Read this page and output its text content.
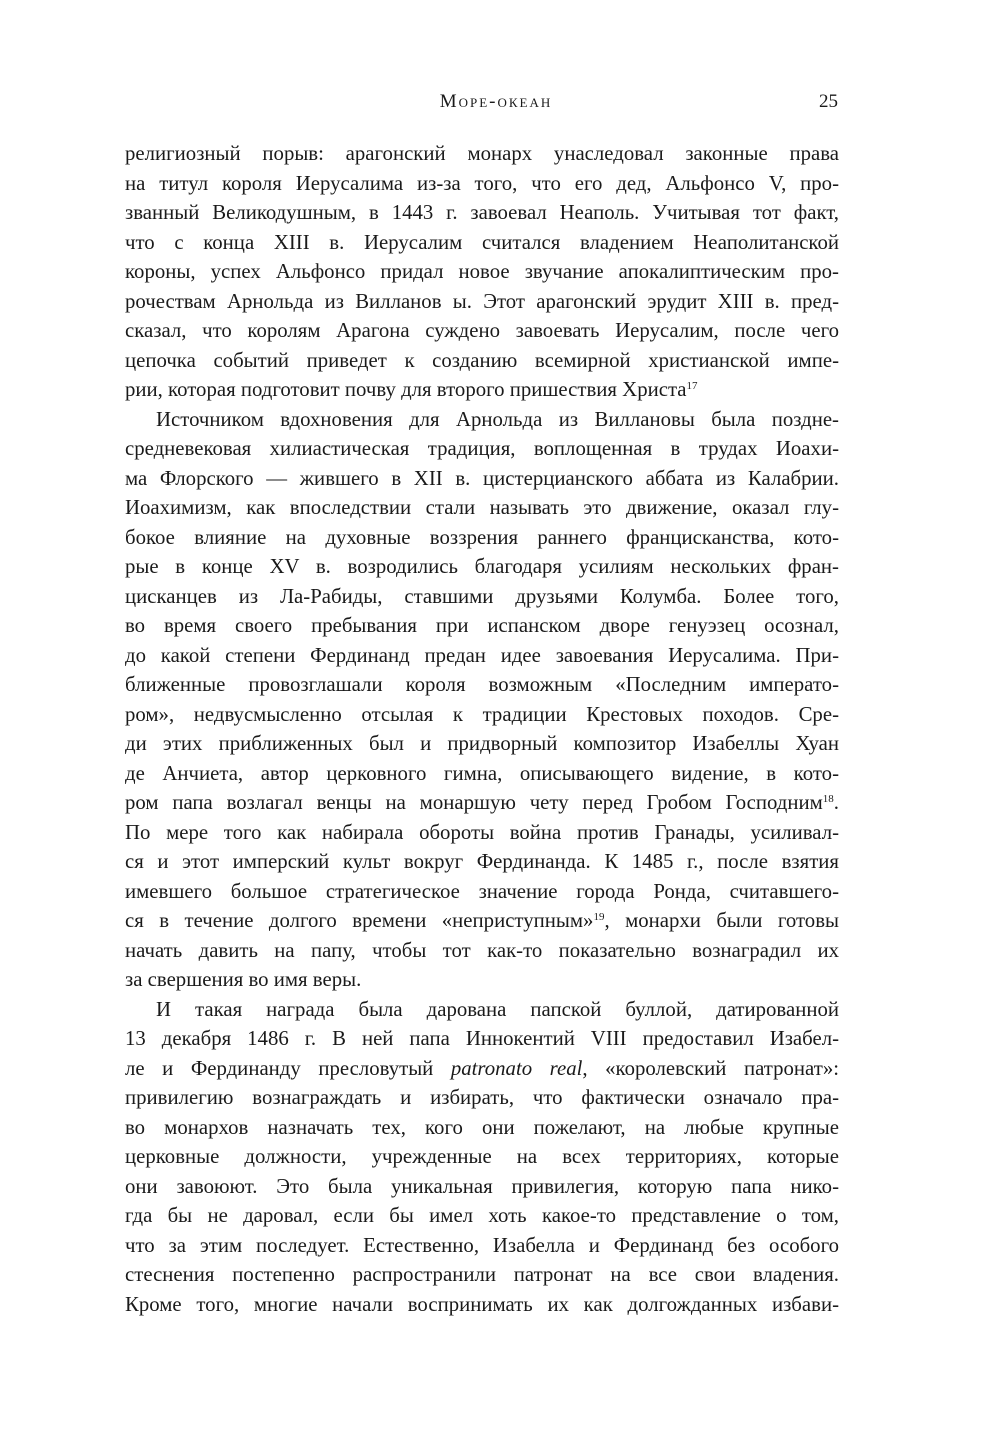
Море-океан	25
религиозный порыв: арагонский монарх унаследовал законные права
на титул короля Иерусалима из-за того, что его дед, Альфонсо V, про-
званный Великодушным, в 1443 г. завоевал Неаполь. Учитывая тот факт,
что с конца XIII в. Иерусалим считался владением Неаполитанской
короны, успех Альфонсо придал новое звучание апокалиптическим про-
рочествам Арнольда из Вилланов ы. Этот арагонский эрудит XIII в. пред-
сказал, что королям Арагона суждено завоевать Иерусалим, после чего
цепочка событий приведет к созданию всемирной христианской импе-
рии, которая подготовит почву для второго пришествия Христа$^{17}$
Источником вдохновения для Арнольда из Виллановы была поздне-
средневековая хилиастическая традиция, воплощенная в трудах Иоахи-
ма Флорского — жившего в XII в. цистерцианского аббата из Калабрии.
Иоахимизм, как впоследствии стали называть это движение, оказал глу-
бокое влияние на духовные воззрения раннего францисканства, кото-
рые в конце XV в. возродились благодаря усилиям нескольких фран-
цисканцев из Ла-Рабиды, ставшими друзьями Колумба. Более того,
во время своего пребывания при испанском дворе генуэзец осознал,
до какой степени Фердинанд предан идее завоевания Иерусалима. При-
ближенные провозглашали короля возможным «Последним императо-
ром», недвусмысленно отсылая к традиции Крестовых походов. Сре-
ди этих приближенных был и придворный композитор Изабеллы Хуан
де Анчиета, автор церковного гимна, описывающего видение, в кото-
ром папа возлагал венцы на монаршую чету перед Гробом Господним$^{18}$.
По мере того как набирала обороты война против Гранады, усиливал-
ся и этот имперский культ вокруг Фердинанда. К 1485 г., после взятия
имевшего большое стратегическое значение города Ронда, считавшего-
ся в течение долгого времени «неприступным»$^{19}$, монархи были готовы
начать давить на папу, чтобы тот как-то показательно вознаградил их
за свершения во имя веры.
И такая награда была дарована папской буллой, датированной
13 декабря 1486 г. В ней папа Иннокентий VIII предоставил Изабел-
ле и Фердинанду пресловутый patronato real, «королевский патронат»:
привилегию вознаграждать и избирать, что фактически означало пра-
во монархов назначать тех, кого они пожелают, на любые крупные
церковные должности, учрежденные на всех территориях, которые
они завоюют. Это была уникальная привилегия, которую папа нико-
гда бы не даровал, если бы имел хоть какое-то представление о том,
что за этим последует. Естественно, Изабелла и Фердинанд без особого
стеснения постепенно распространили патронат на все свои владения.
Кроме того, многие начали воспринимать их как долгожданных избави-
